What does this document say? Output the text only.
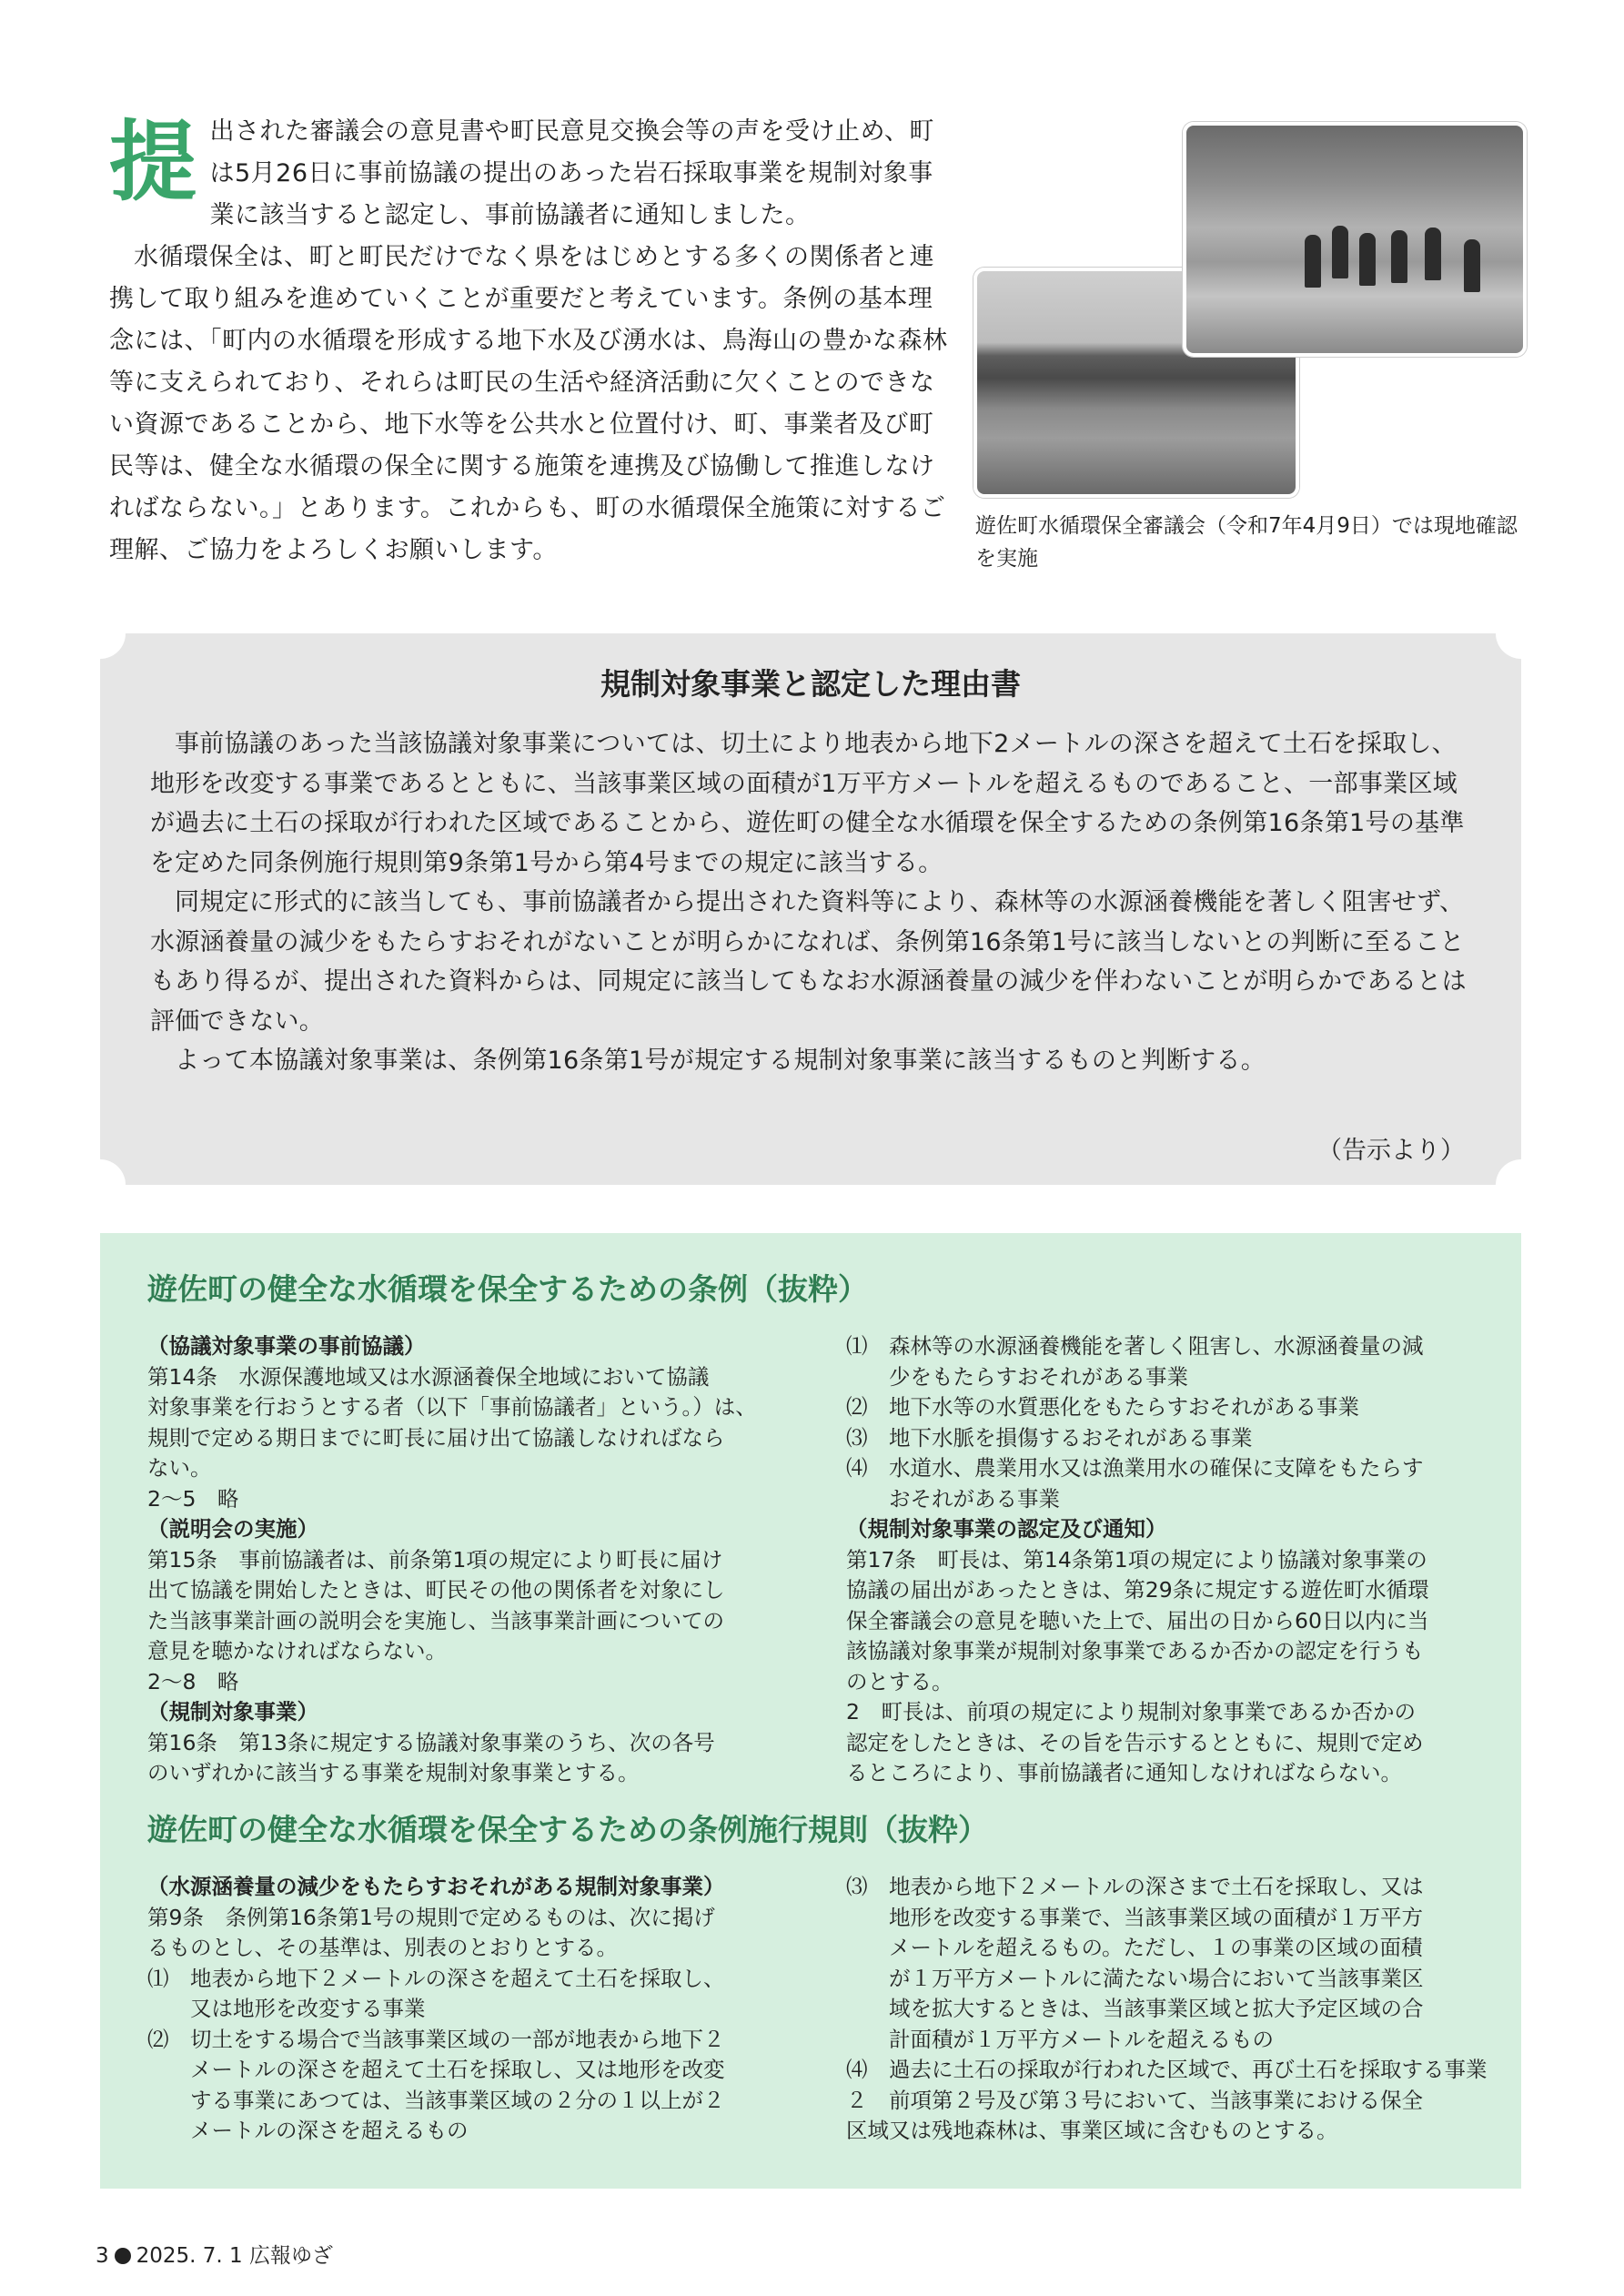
提 出された審議会の意見書や町民意見交換会等の声を受け止め、町は5月26日に事前協議の提出のあった岩石採取事業を規制対象事業に該当すると認定し、事前協議者に通知しました。

水循環保全は、町と町民だけでなく県をはじめとする多くの関係者と連携して取り組みを進めていくことが重要だと考えています。条例の基本理念には、「町内の水循環を形成する地下水及び湧水は、鳥海山の豊かな森林等に支えられており、それらは町民の生活や経済活動に欠くことのできない資源であることから、地下水等を公共水と位置付け、町、事業者及び町民等は、健全な水循環の保全に関する施策を連携及び協働して推進しなければならない。」とあります。これからも、町の水循環保全施策に対するご理解、ご協力をよろしくお願いします。

遊佐町水循環保全審議会（令和7年4月9日）では現地確認を実施
規制対象事業と認定した理由書

事前協議のあった当該協議対象事業については、切土により地表から地下2メートルの深さを超えて土石を採取し、地形を改変する事業であるとともに、当該事業区域の面積が1万平方メートルを超えるものであること、一部事業区域が過去に土石の採取が行われた区域であることから、遊佐町の健全な水循環を保全するための条例第16条第1号の基準を定めた同条例施行規則第9条第1号から第4号までの規定に該当する。

同規定に形式的に該当しても、事前協議者から提出された資料等により、森林等の水源涵養機能を著しく阻害せず、水源涵養量の減少をもたらすおそれがないことが明らかになれば、条例第16条第1号に該当しないとの判断に至ることもあり得るが、提出された資料からは、同規定に該当してもなお水源涵養量の減少を伴わないことが明らかであるとは評価できない。

よって本協議対象事業は、条例第16条第1号が規定する規制対象事業に該当するものと判断する。

（告示より）
遊佐町の健全な水循環を保全するための条例（抜粋）
（協議対象事業の事前協議）
第14条　水源保護地域又は水源涵養保全地域において協議
対象事業を行おうとする者（以下「事前協議者」という。）は、
規則で定める期日までに町長に届け出て協議しなければなら
ない。
2〜5　略
（説明会の実施）
第15条　事前協議者は、前条第1項の規定により町長に届け
出て協議を開始したときは、町民その他の関係者を対象にし
た当該事業計画の説明会を実施し、当該事業計画についての
意見を聴かなければならない。
2〜8　略
（規制対象事業）
第16条　第13条に規定する協議対象事業のうち、次の各号
のいずれかに該当する事業を規制対象事業とする。
⑴　森林等の水源涵養機能を著しく阻害し、水源涵養量の減
　　少をもたらすおそれがある事業
⑵　地下水等の水質悪化をもたらすおそれがある事業
⑶　地下水脈を損傷するおそれがある事業
⑷　水道水、農業用水又は漁業用水の確保に支障をもたらす
　　おそれがある事業
（規制対象事業の認定及び通知）
第17条　町長は、第14条第1項の規定により協議対象事業の
協議の届出があったときは、第29条に規定する遊佐町水循環
保全審議会の意見を聴いた上で、届出の日から60日以内に当
該協議対象事業が規制対象事業であるか否かの認定を行うも
のとする。
2　町長は、前項の規定により規制対象事業であるか否かの
認定をしたときは、その旨を告示するとともに、規則で定め
るところにより、事前協議者に通知しなければならない。
遊佐町の健全な水循環を保全するための条例施行規則（抜粋）
（水源涵養量の減少をもたらすおそれがある規制対象事業）
第9条　条例第16条第1号の規則で定めるものは、次に掲げ
るものとし、その基準は、別表のとおりとする。
⑴　地表から地下２メートルの深さを超えて土石を採取し、
　　又は地形を改変する事業
⑵　切土をする場合で当該事業区域の一部が地表から地下２
　　メートルの深さを超えて土石を採取し、又は地形を改変
　　する事業にあつては、当該事業区域の２分の１以上が２
　　メートルの深さを超えるもの
⑶　地表から地下２メートルの深さまで土石を採取し、又は
　　地形を改変する事業で、当該事業区域の面積が１万平方
　　メートルを超えるもの。ただし、１の事業の区域の面積
　　が１万平方メートルに満たない場合において当該事業区
　　域を拡大するときは、当該事業区域と拡大予定区域の合
　　計面積が１万平方メートルを超えるもの
⑷　過去に土石の採取が行われた区域で、再び土石を採取する事業
２　前項第２号及び第３号において、当該事業における保全
区域又は残地森林は、事業区域に含むものとする。
3 2025. 7. 1 広報ゆざ
